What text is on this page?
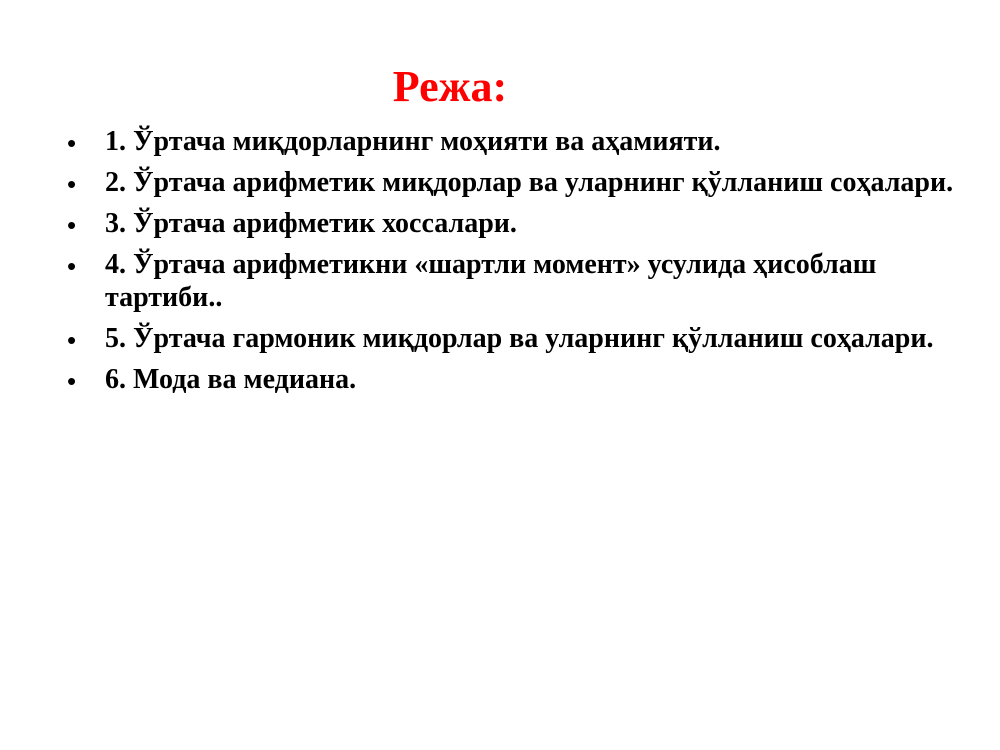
Режа:
• 1. Ўртача миқдорларнинг моҳияти ва аҳамияти.
• 2. Ўртача арифметик миқдорлар ва уларнинг қўлланиш соҳалари.
• 3. Ўртача арифметик хоссалари.
• 4. Ўртача арифметикни «шартли момент» усулида ҳисоблаш тартиби..
• 5. Ўртача гармоник миқдорлар ва уларнинг қўлланиш соҳалари.
• 6. Мода ва медиана.
